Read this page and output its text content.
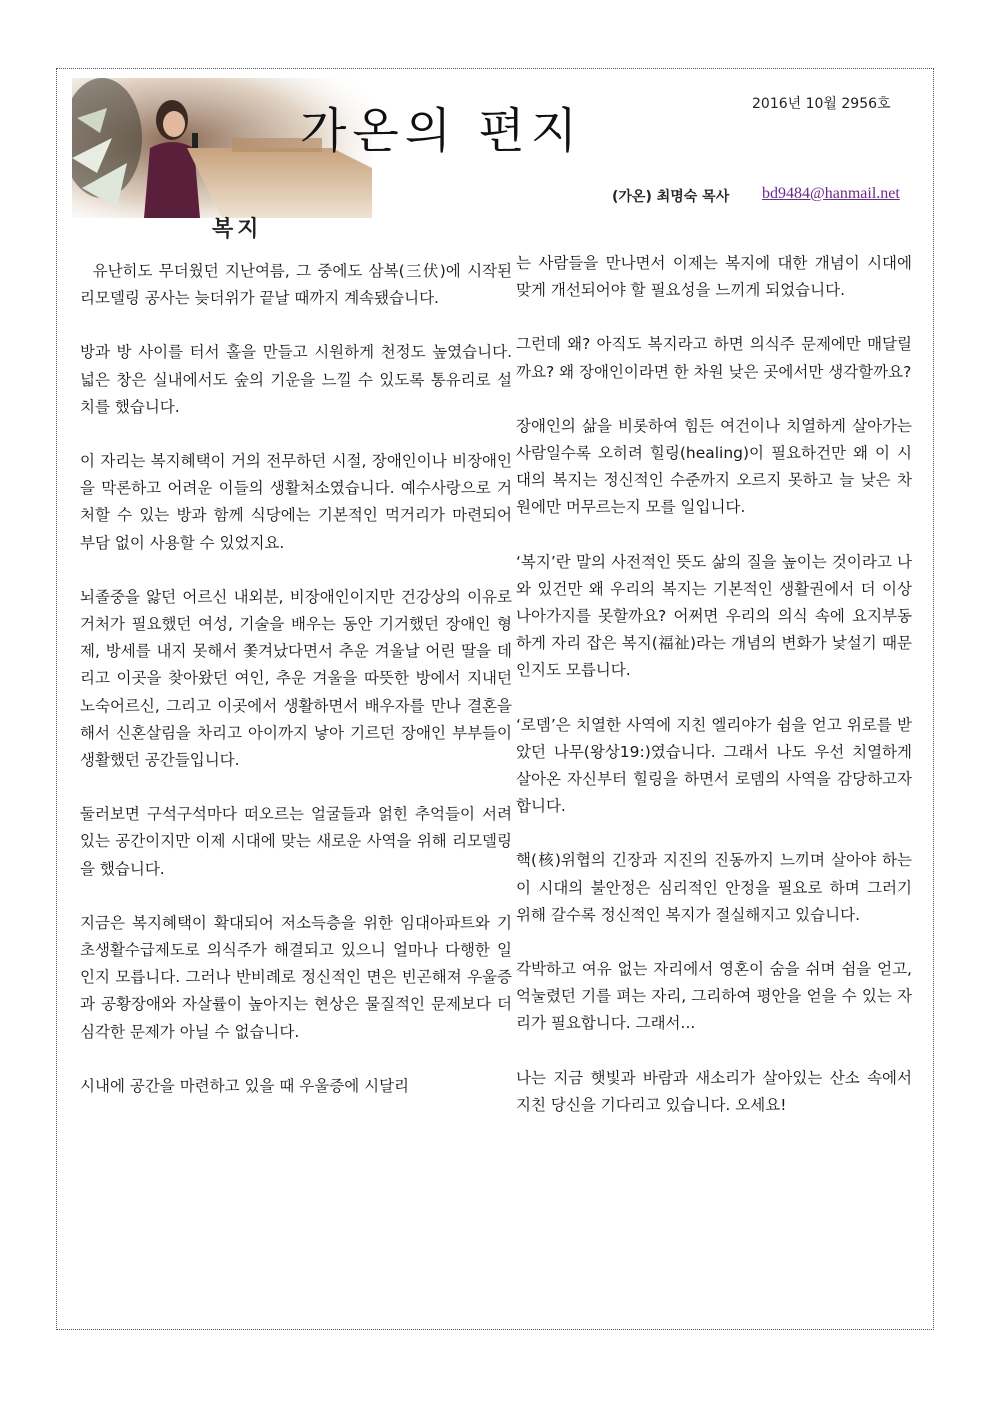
가온의 편지	2016년 10월 2956호
(가온) 최명숙 목사 bd9484@hanmail.net
복지

유난히도 무더웠던 지난여름, 그 중에도 삼복(三伏)에 시작된 리모델링 공사는 늦더위가 끝날 때까지 계속됐습니다.

방과 방 사이를 터서 홀을 만들고 시원하게 천정도 높였습니다. 넓은 창은 실내에서도 숲의 기운을 느낄 수 있도록 통유리로 설치를 했습니다.

이 자리는 복지혜택이 거의 전무하던 시절, 장애인이나 비장애인을 막론하고 어려운 이들의 생활처소였습니다. 예수사랑으로 거처할 수 있는 방과 함께 식당에는 기본적인 먹거리가 마련되어 부담 없이 사용할 수 있었지요.

뇌졸중을 앓던 어르신 내외분, 비장애인이지만 건강상의 이유로 거처가 필요했던 여성, 기술을 배우는 동안 기거했던 장애인 형제, 방세를 내지 못해서 쫓겨났다면서 추운 겨울날 어린 딸을 데리고 이곳을 찾아왔던 여인, 추운 겨울을 따뜻한 방에서 지내던 노숙어르신, 그리고 이곳에서 생활하면서 배우자를 만나 결혼을 해서 신혼살림을 차리고 아이까지 낳아 기르던 장애인 부부들이 생활했던 공간들입니다.

둘러보면 구석구석마다 떠오르는 얼굴들과 얽힌 추억들이 서려있는 공간이지만 이제 시대에 맞는 새로운 사역을 위해 리모델링을 했습니다.

지금은 복지혜택이 확대되어 저소득층을 위한 임대아파트와 기초생활수급제도로 의식주가 해결되고 있으니 얼마나 다행한 일인지 모릅니다. 그러나 반비례로 정신적인 면은 빈곤해져 우울증과 공황장애와 자살률이 높아지는 현상은 물질적인 문제보다 더 심각한 문제가 아닐 수 없습니다.

시내에 공간을 마련하고 있을 때 우울증에 시달리

는 사람들을 만나면서 이제는 복지에 대한 개념이 시대에 맞게 개선되어야 할 필요성을 느끼게 되었습니다.

그런데 왜? 아직도 복지라고 하면 의식주 문제에만 매달릴까요? 왜 장애인이라면 한 차원 낮은 곳에서만 생각할까요?

장애인의 삶을 비롯하여 힘든 여건이나 치열하게 살아가는 사람일수록 오히려 힐링(healing)이 필요하건만 왜 이 시대의 복지는 정신적인 수준까지 오르지 못하고 늘 낮은 차원에만 머무르는지 모를 일입니다.

‘복지’란 말의 사전적인 뜻도 삶의 질을 높이는 것이라고 나와 있건만 왜 우리의 복지는 기본적인 생활권에서 더 이상 나아가지를 못할까요? 어쩌면 우리의 의식 속에 요지부동하게 자리 잡은 복지(福祉)라는 개념의 변화가 낯설기 때문인지도 모릅니다.

‘로뎀’은 치열한 사역에 지친 엘리야가 쉼을 얻고 위로를 받았던 나무(왕상19:)였습니다. 그래서 나도 우선 치열하게 살아온 자신부터 힐링을 하면서 로뎀의 사역을 감당하고자합니다.

핵(核)위협의 긴장과 지진의 진동까지 느끼며 살아야 하는 이 시대의 불안정은 심리적인 안정을 필요로 하며 그러기 위해 갈수록 정신적인 복지가 절실해지고 있습니다.

각박하고 여유 없는 자리에서 영혼이 숨을 쉬며 쉼을 얻고, 억눌렸던 기를 펴는 자리, 그리하여 평안을 얻을 수 있는 자리가 필요합니다. 그래서...

나는 지금 햇빛과 바람과 새소리가 살아있는 산소 속에서 지친 당신을 기다리고 있습니다. 오세요!
